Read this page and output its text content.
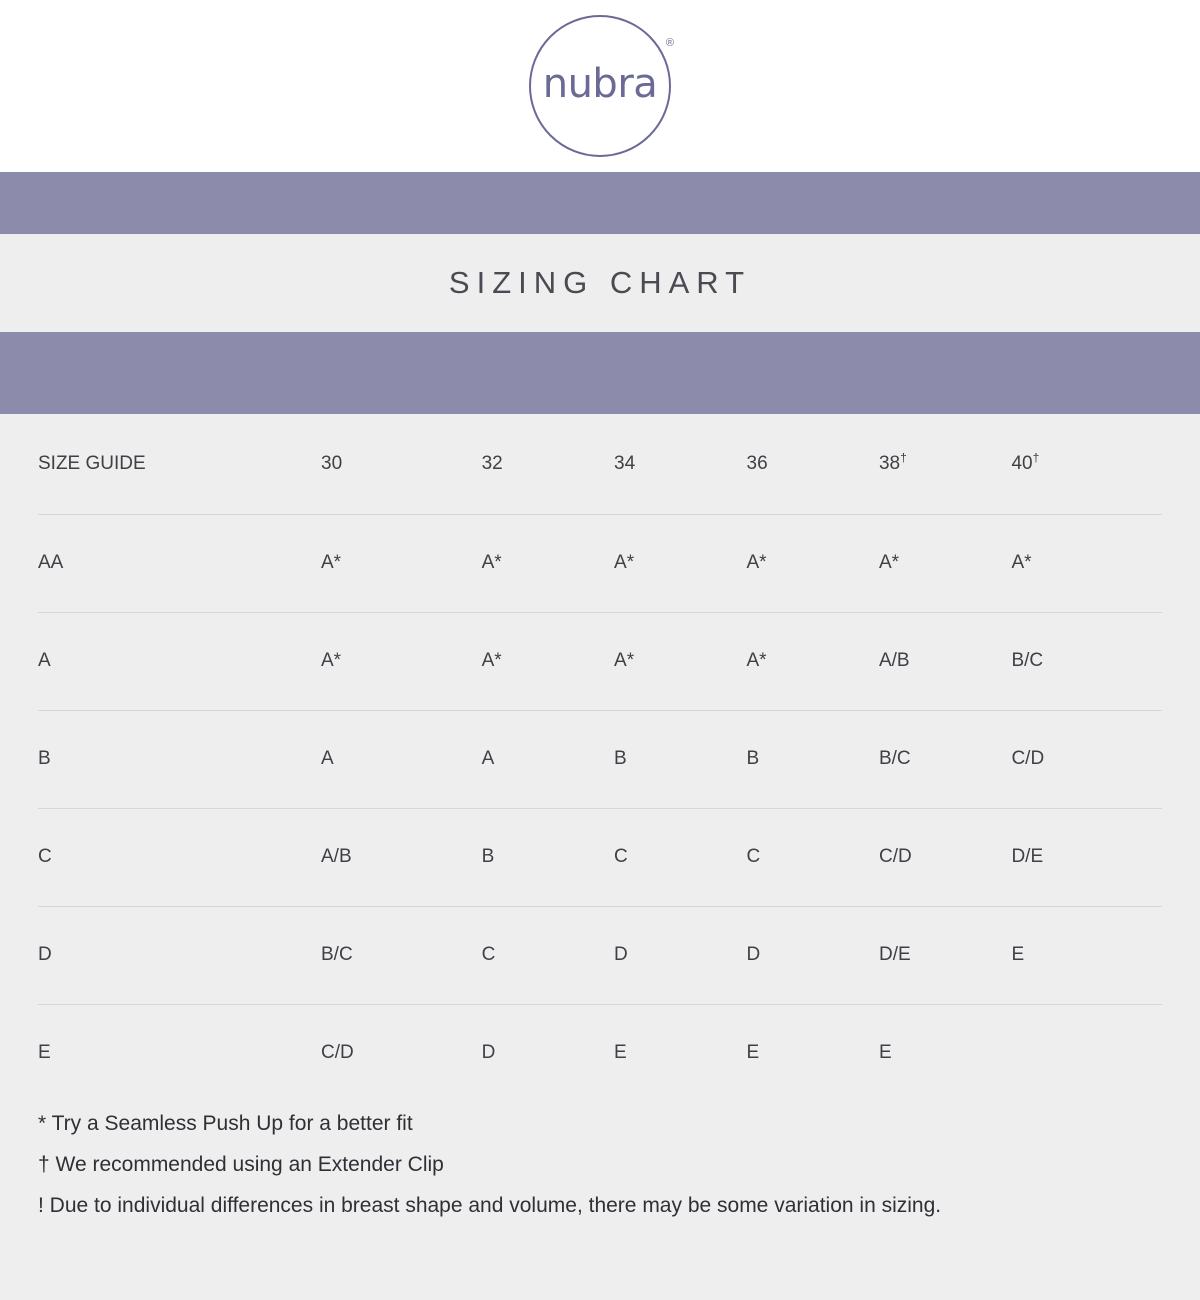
nubra
®
SIZING CHART
SIZE GUIDE	30	32	34	36	38†	40†
AA	A*	A*	A*	A*	A*	A*
A	A*	A*	A*	A*	A/B	B/C
B	A	A	B	B	B/C	C/D
C	A/B	B	C	C	C/D	D/E
D	B/C	C	D	D	D/E	E
E	C/D	D	E	E	E	
* Try a Seamless Push Up for a better fit
† We recommended using an Extender Clip
! Due to individual differences in breast shape and volume, there may be some variation in sizing.
